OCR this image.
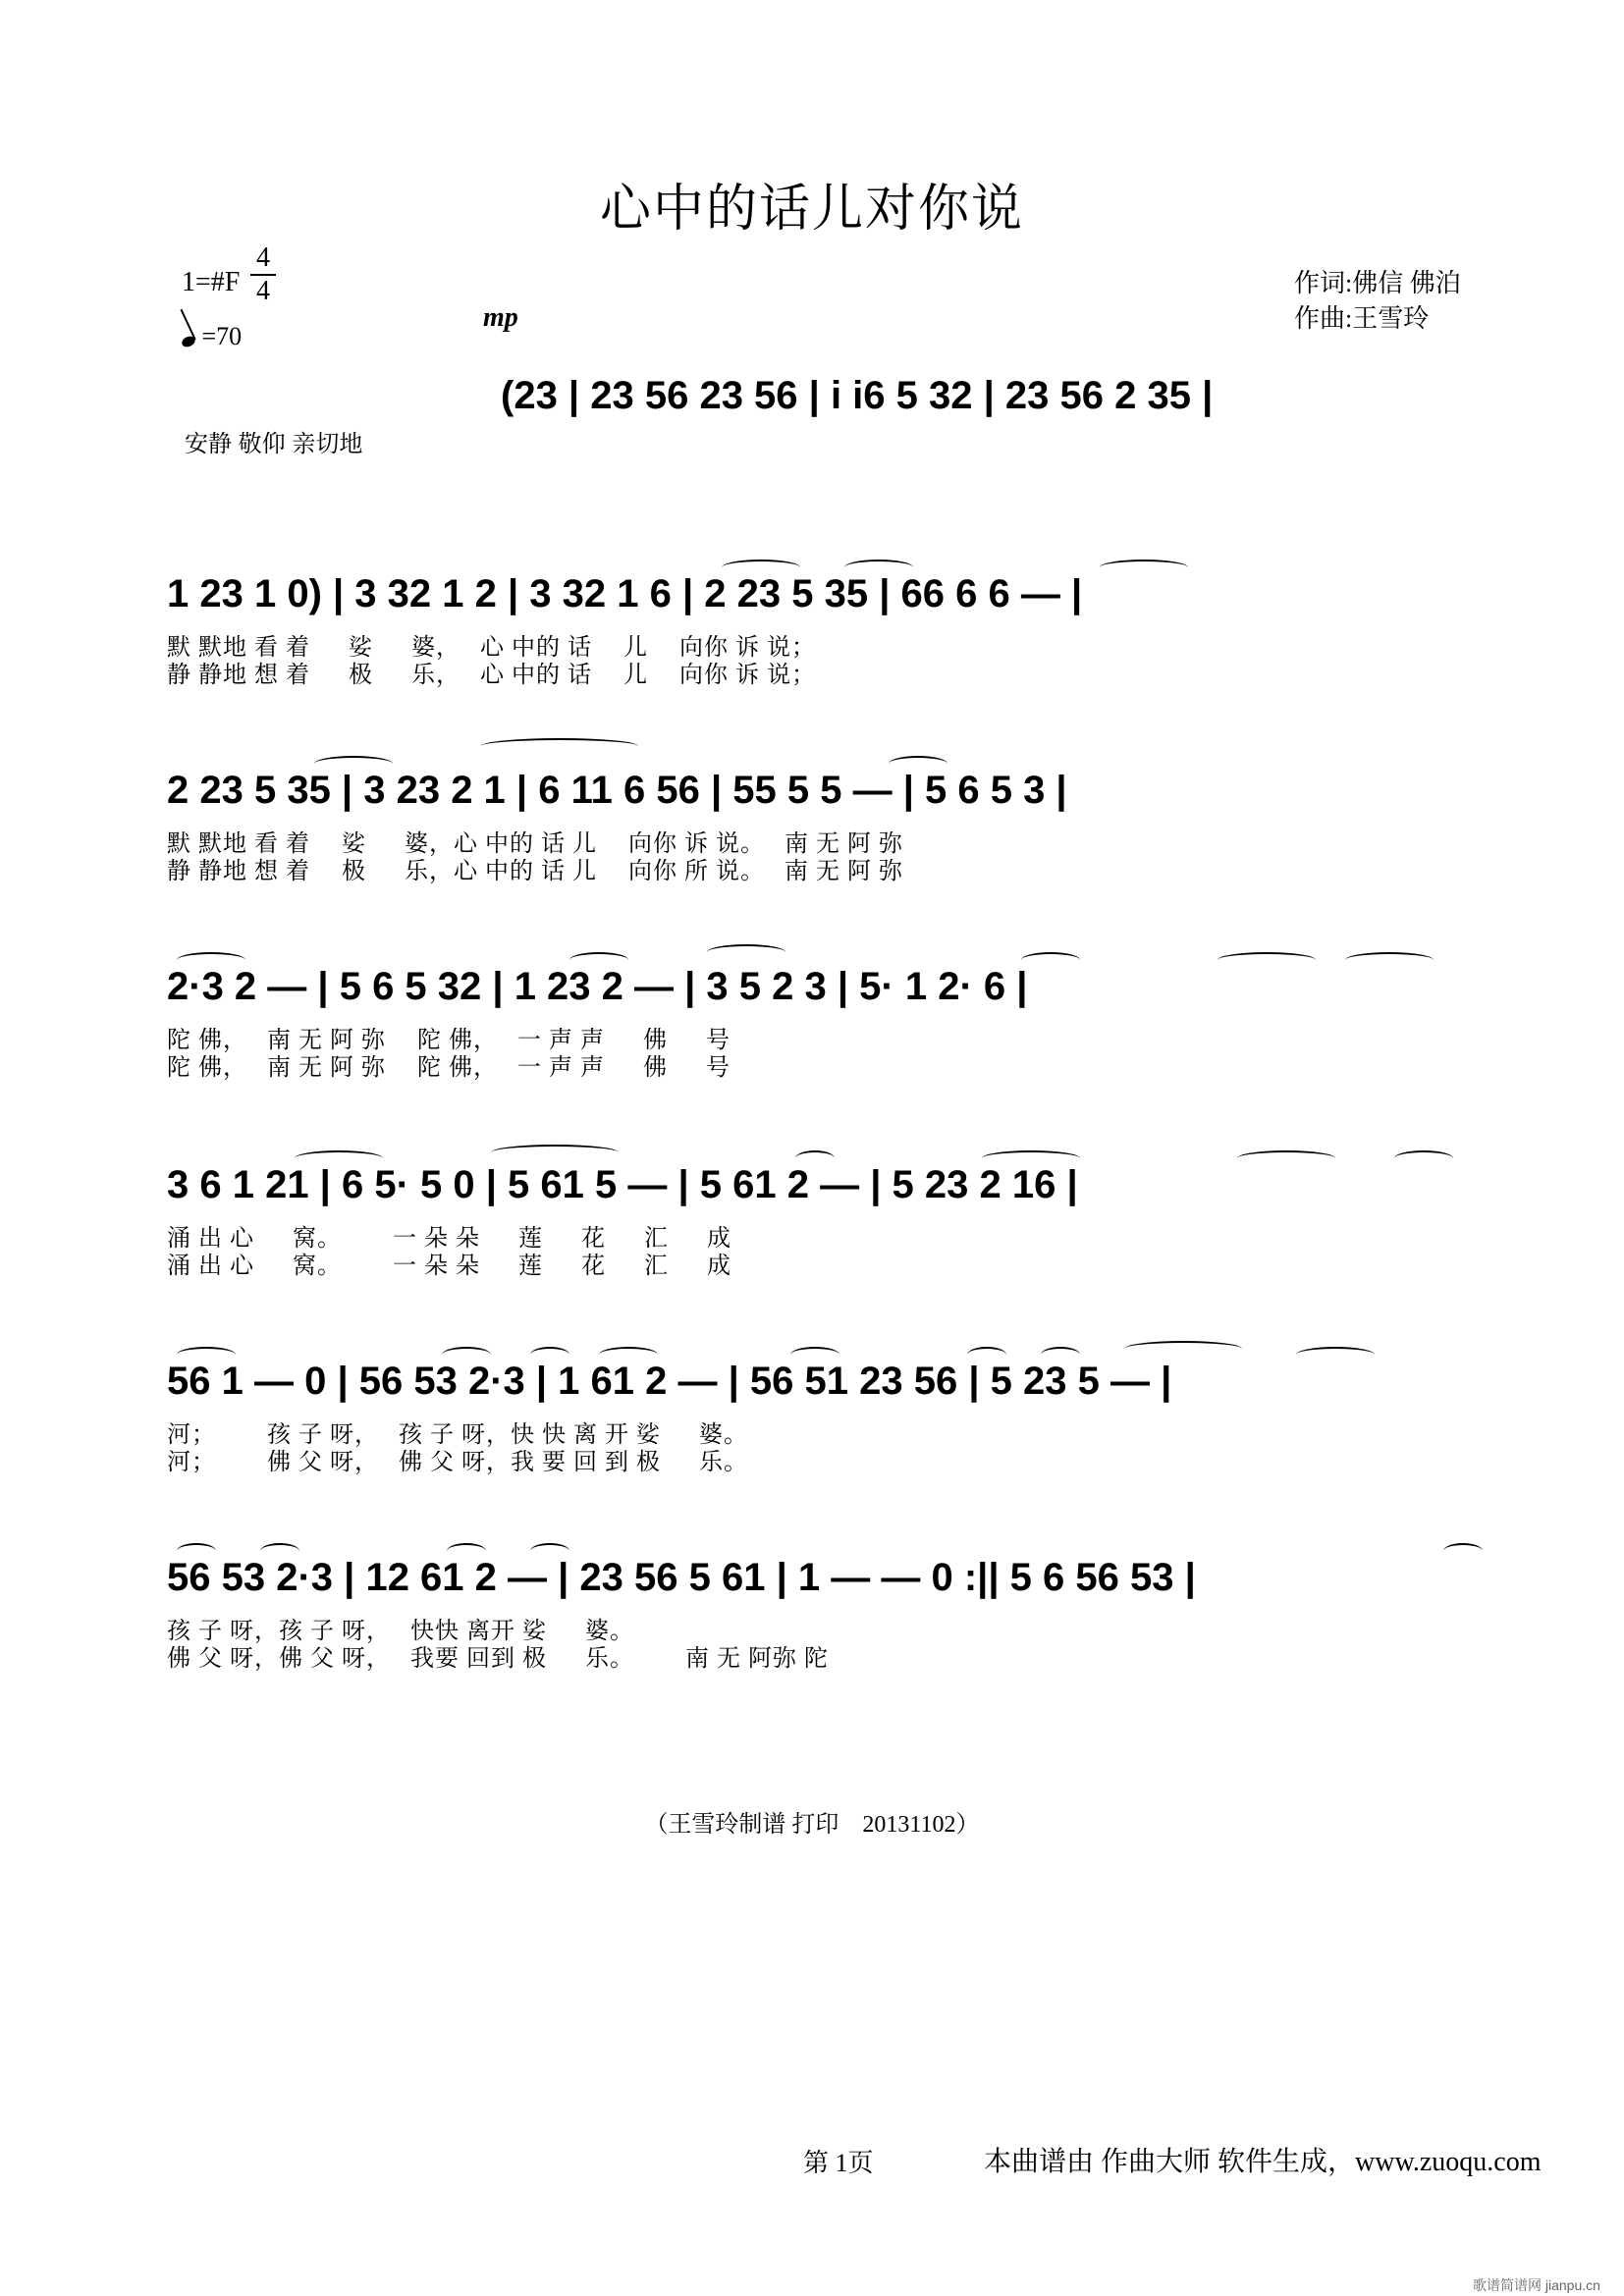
心中的话儿对你说
1=#F
4
4
=70
作词:佛信 佛泊
作曲:王雪玲
mp
安静 敬仰 亲切地
(23 | 23 56 23 56 | i i6 5 32 | 23 56 2 35 |
1 23 1 0) | 3 32 1 2 | 3 32 1 6 | 2 23 5 35 | 66 6 6 — |
默 默地 看 着 　 娑 　 婆，　 心 中的 话 　儿　 向你 诉 说；
静 静地 想 着 　 极 　 乐，　 心 中的 话 　儿　 向你 诉 说；
2 23 5 35 | 3 23 2 1 | 6 11 6 56 | 55 5 5 — | 5 6 5 3 |
默 默地 看 着　 娑 　 婆，心 中的 话 儿　 向你 诉 说。　 南 无 阿 弥
静 静地 想 着　 极 　 乐，心 中的 话 儿　 向你 所 说。　 南 无 阿 弥
2·3 2 — | 5 6 5 32 | 1 23 2 — | 3 5 2 3 | 5· 1 2· 6 |
陀 佛，　 南 无 阿 弥　 陀 佛，　 一 声 声 　 佛 　 号
陀 佛，　 南 无 阿 弥　 陀 佛，　 一 声 声 　 佛 　 号
3 6 1 21 | 6 5· 5 0 | 5 61 5 — | 5 61 2 — | 5 23 2 16 |
涌 出 心 　 窝。　 　 一 朵 朵 　 莲 　 花 　 汇 　 成
涌 出 心 　 窝。　 　 一 朵 朵 　 莲 　 花 　 汇 　 成
56 1 — 0 | 56 53 2·3 | 1 61 2 — | 56 51 23 56 | 5 23 5 — |
河；　 　 孩 子 呀，　 孩 子 呀，快 快 离 开 娑 　 婆。
河；　 　 佛 父 呀，　 佛 父 呀，我 要 回 到 极 　 乐。
56 53 2·3 | 12 61 2 — | 23 56 5 61 | 1 — — 0 :|| 5 6 56 53 |
孩 子 呀，孩 子 呀，　 快快 离开 娑 　 婆。
佛 父 呀，佛 父 呀，　 我要 回到 极 　 乐。　 　 南 无 阿弥 陀
（王雪玲制谱 打印　20131102）
第 1页	本曲谱由 作曲大师 软件生成，www.zuoqu.com
歌谱简谱网 jianpu.cn
